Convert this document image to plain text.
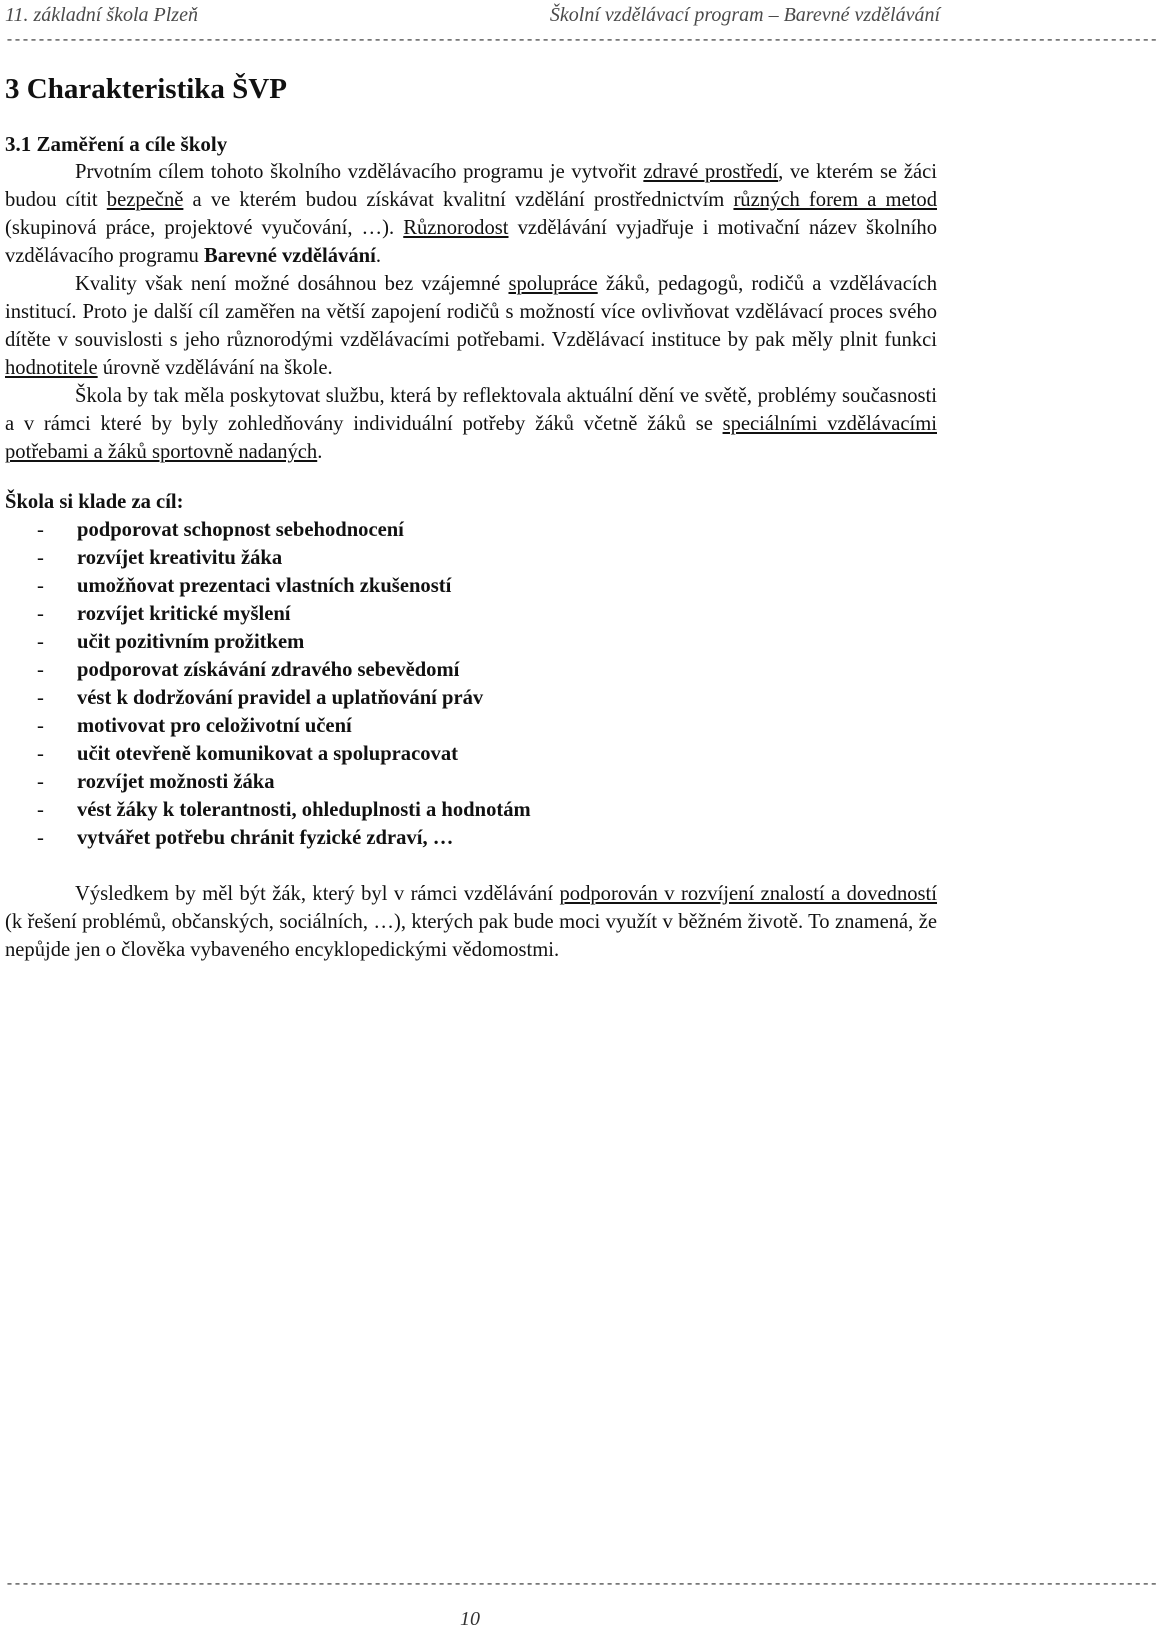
11. základní škola Plzeň	Školní vzdělávací program – Barevné vzdělávání
------------------------------------------------------------------------------------------------------------------------------------------------
3 Charakteristika ŠVP
3.1 Zaměření a cíle školy

Prvotním cílem tohoto školního vzdělávacího programu je vytvořit zdravé prostředí, ve kterém se žáci budou cítit bezpečně a ve kterém budou získávat kvalitní vzdělání prostřednictvím různých forem a metod (skupinová práce, projektové vyučování, …). Různorodost vzdělávání vyjadřuje i motivační název školního vzdělávacího programu Barevné vzdělávání.

Kvality však není možné dosáhnou bez vzájemné spolupráce žáků, pedagogů, rodičů a vzdělávacích institucí. Proto je další cíl zaměřen na větší zapojení rodičů s možností více ovlivňovat vzdělávací proces svého dítěte v souvislosti s jeho různorodými vzdělávacími potřebami. Vzdělávací instituce by pak měly plnit funkci hodnotitele úrovně vzdělávání na škole.

Škola by tak měla poskytovat službu, která by reflektovala aktuální dění ve světě, problémy současnosti a v rámci které by byly zohledňovány individuální potřeby žáků včetně žáků se speciálními vzdělávacími potřebami a žáků sportovně nadaných.

Škola si klade za cíl:

-	podporovat schopnost sebehodnocení
-	rozvíjet kreativitu žáka
-	umožňovat prezentaci vlastních zkušeností
-	rozvíjet kritické myšlení
-	učit pozitivním prožitkem
-	podporovat získávání zdravého sebevědomí
-	vést k dodržování pravidel a uplatňování práv
-	motivovat pro celoživotní učení
-	učit otevřeně komunikovat a spolupracovat
-	rozvíjet možnosti žáka
-	vést žáky k tolerantnosti, ohleduplnosti a hodnotám
-	vytvářet potřebu chránit fyzické zdraví, …

Výsledkem by měl být žák, který byl v rámci vzdělávání podporován v rozvíjení znalostí a dovedností (k řešení problémů, občanských, sociálních, …), kterých pak bude moci využít v běžném životě. To znamená, že nepůjde jen o člověka vybaveného encyklopedickými vědomostmi.

------------------------------------------------------------------------------------------------------------------------------------------------
10
